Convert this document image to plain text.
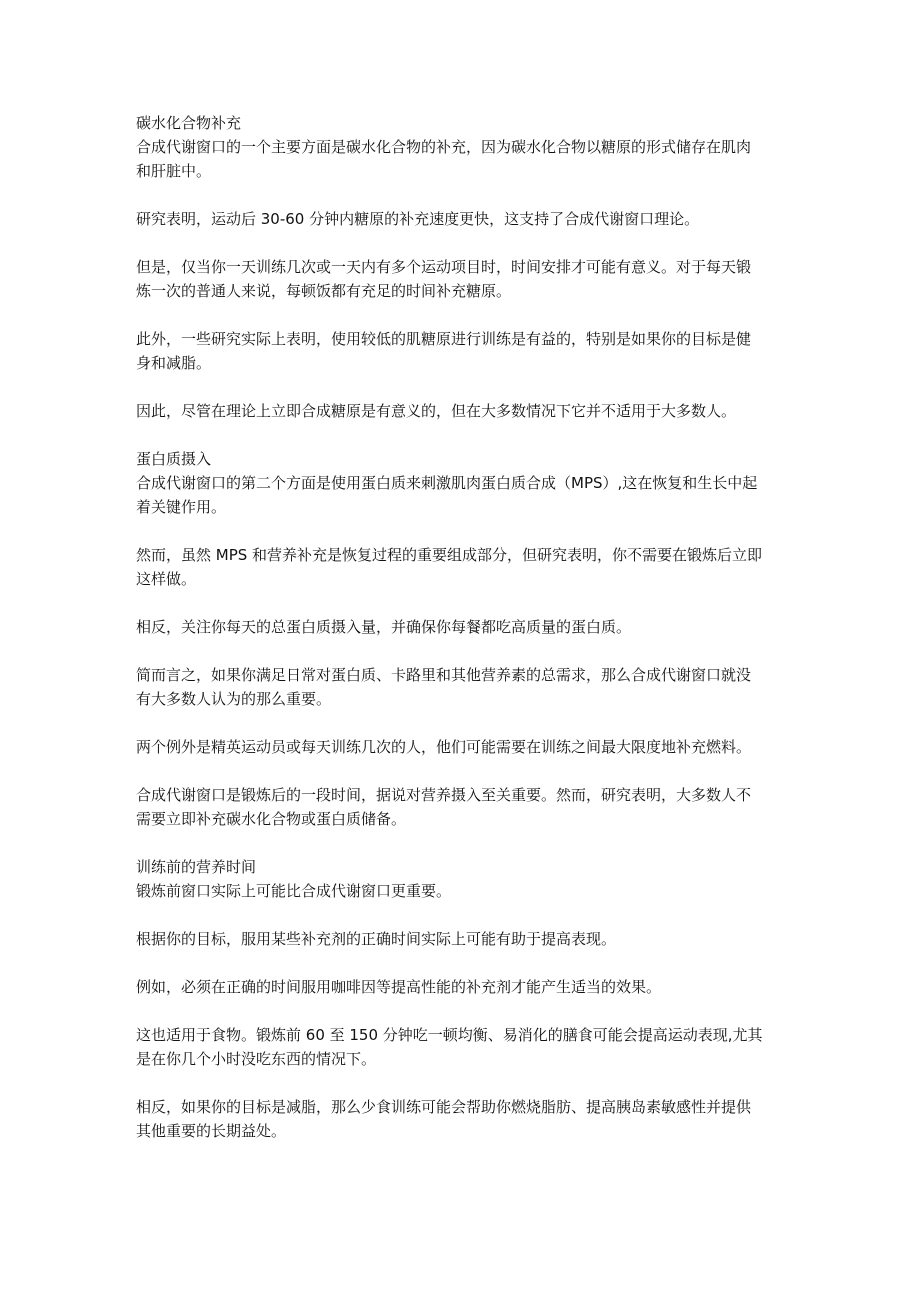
碳水化合物补充
合成代谢窗口的一个主要方面是碳水化合物的补充，因为碳水化合物以糖原的形式储存在肌肉
和肝脏中。
研究表明，运动后 30-60 分钟内糖原的补充速度更快，这支持了合成代谢窗口理论。
但是，仅当你一天训练几次或一天内有多个运动项目时，时间安排才可能有意义。对于每天锻
炼一次的普通人来说，每顿饭都有充足的时间补充糖原。
此外，一些研究实际上表明，使用较低的肌糖原进行训练是有益的，特别是如果你的目标是健
身和减脂。
因此，尽管在理论上立即合成糖原是有意义的，但在大多数情况下它并不适用于大多数人。
蛋白质摄入
合成代谢窗口的第二个方面是使用蛋白质来刺激肌肉蛋白质合成（MPS）,这在恢复和生长中起
着关键作用。
然而，虽然 MPS 和营养补充是恢复过程的重要组成部分，但研究表明，你不需要在锻炼后立即
这样做。
相反，关注你每天的总蛋白质摄入量，并确保你每餐都吃高质量的蛋白质。
简而言之，如果你满足日常对蛋白质、卡路里和其他营养素的总需求，那么合成代谢窗口就没
有大多数人认为的那么重要。
两个例外是精英运动员或每天训练几次的人，他们可能需要在训练之间最大限度地补充燃料。
合成代谢窗口是锻炼后的一段时间，据说对营养摄入至关重要。然而，研究表明，大多数人不
需要立即补充碳水化合物或蛋白质储备。
训练前的营养时间
锻炼前窗口实际上可能比合成代谢窗口更重要。
根据你的目标，服用某些补充剂的正确时间实际上可能有助于提高表现。
例如，必须在正确的时间服用咖啡因等提高性能的补充剂才能产生适当的效果。
这也适用于食物。锻炼前 60 至 150 分钟吃一顿均衡、易消化的膳食可能会提高运动表现,尤其
是在你几个小时没吃东西的情况下。
相反，如果你的目标是减脂，那么少食训练可能会帮助你燃烧脂肪、提高胰岛素敏感性并提供
其他重要的长期益处。
